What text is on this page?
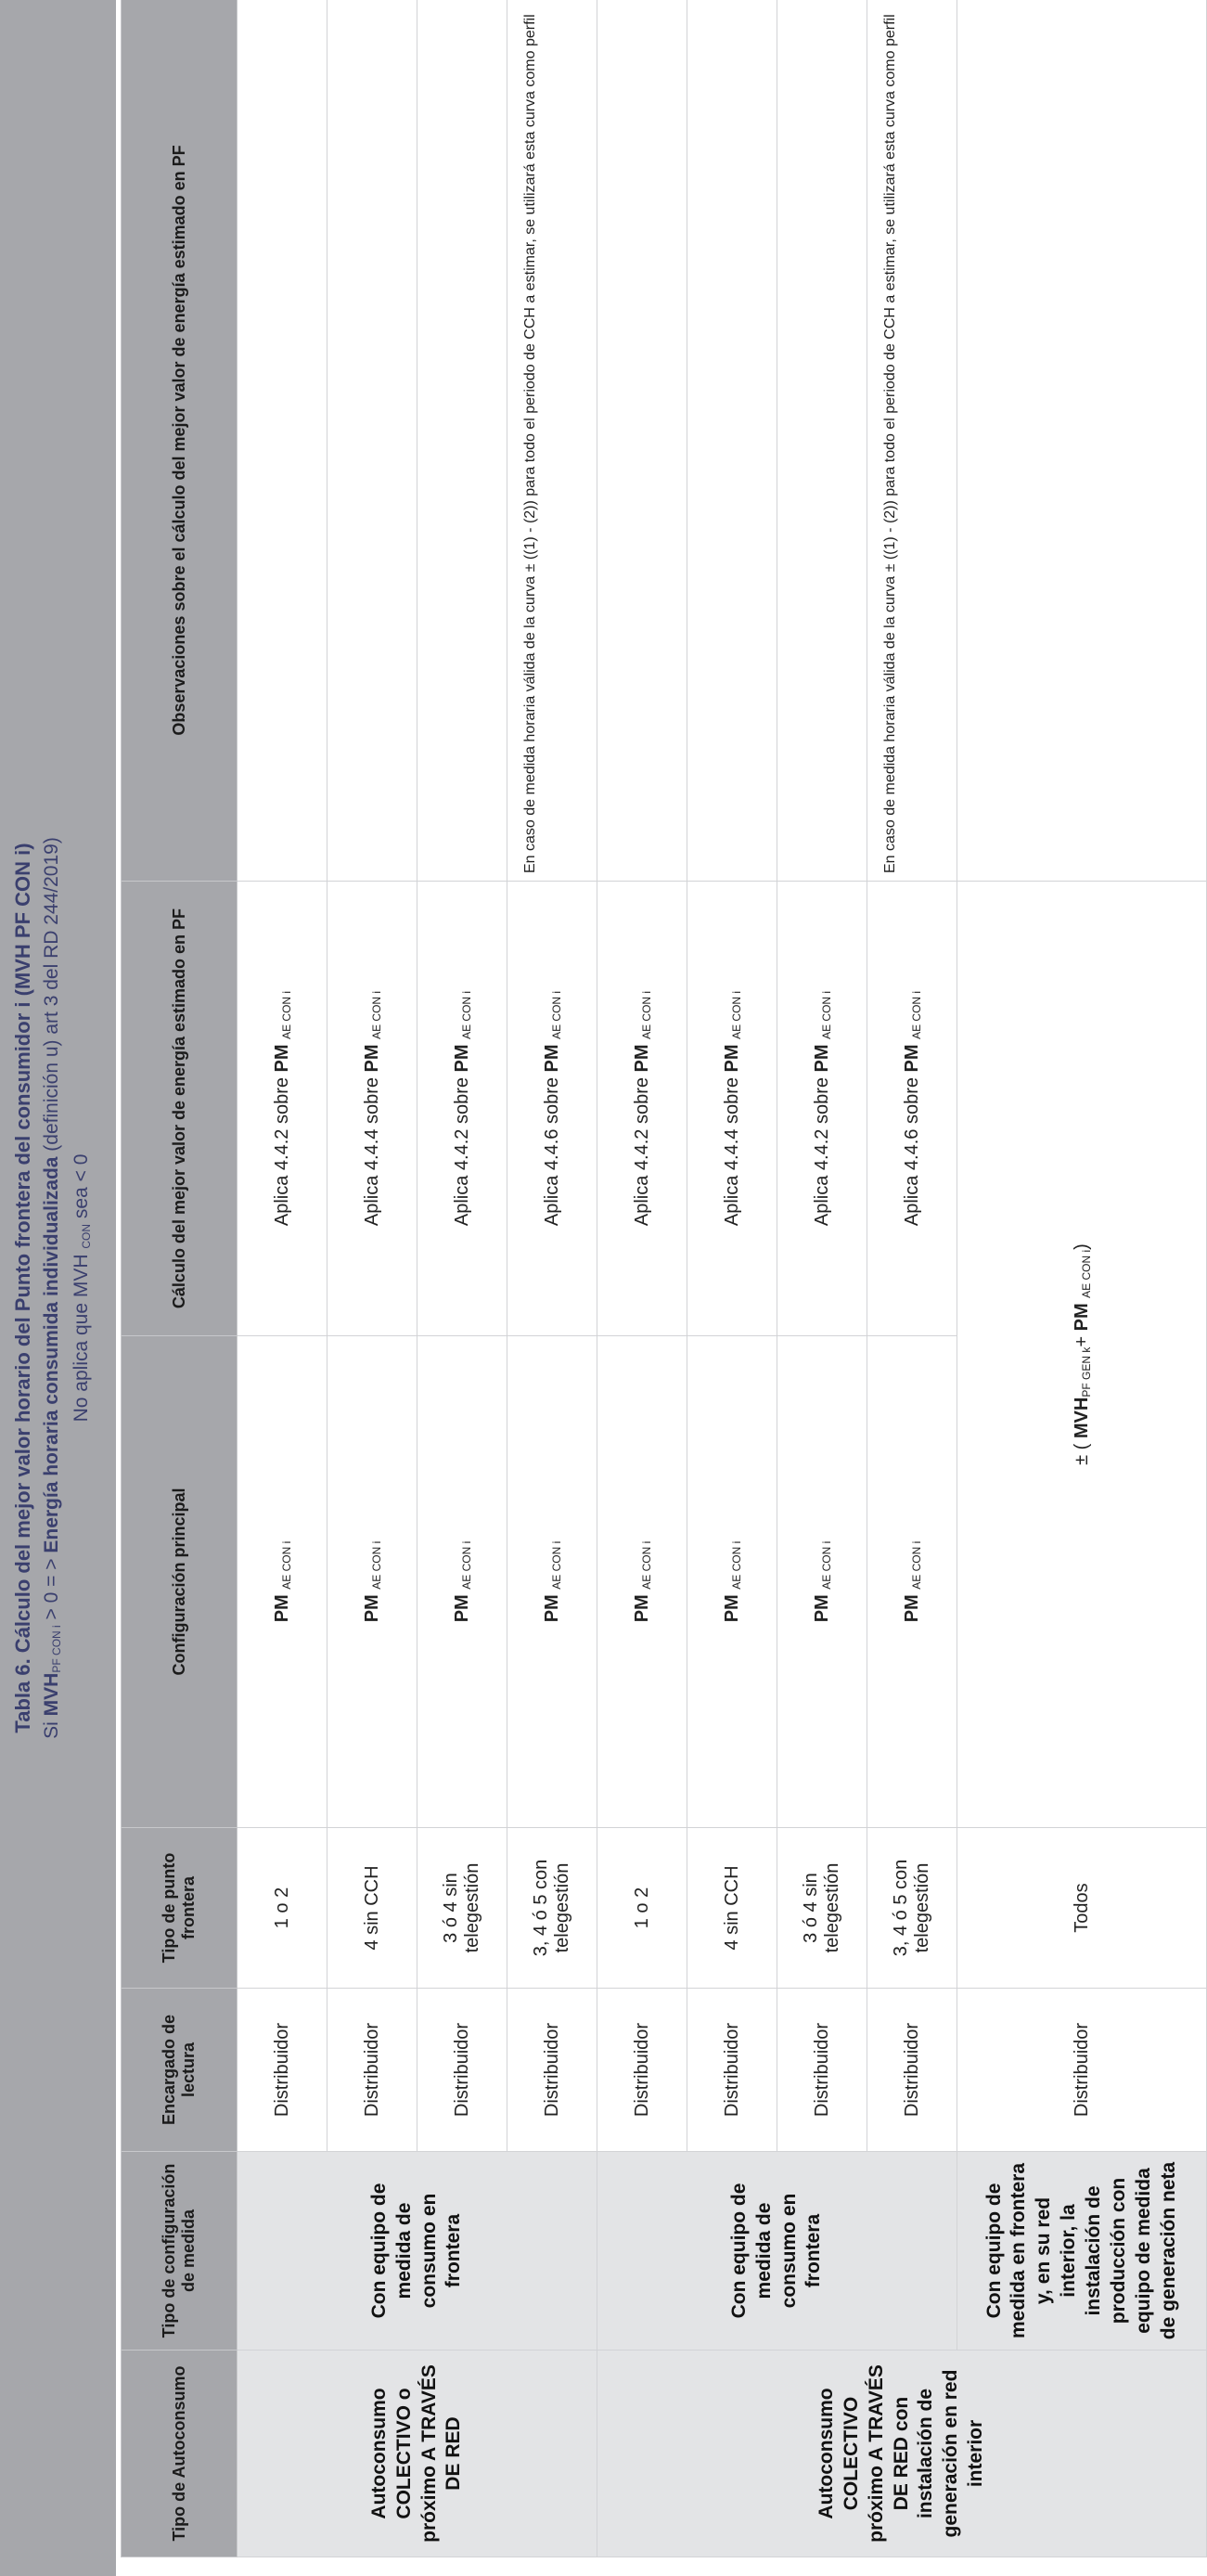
Tabla 6. Cálculo del mejor valor horario del Punto frontera del consumidor i (MVH PF CON i) Si $MVH_{PF CON i} > 0$ = > Energía horaria consumida individualizada (definición u) art 3 del RD 244/2019)
No aplica que MVH $_{CON}$ sea < 0
Tipo de Autoconsumo	Tipo de configuración de medida	Encargado de lectura	Tipo de punto frontera	Configuración principal	Cálculo del mejor valor de energía estimado en PF	Observaciones sobre el cálculo del mejor valor de energía estimado en PF
Autoconsumo COLECTIVO o próximo A TRAVÉS DE RED	Con equipo de medida de consumo en frontera	Distribuidor	1 o 2	PM $_{AE CON i}$	Aplica 4.4.2 sobre PM $_{AE CON i}$	
		Distribuidor	4 sin CCH	PM $_{AE CON i}$	Aplica 4.4.4 sobre PM $_{AE CON i}$	
		Distribuidor	3 ó 4 sin telegestión	PM $_{AE CON i}$	Aplica 4.4.2 sobre PM $_{AE CON i}$	
		Distribuidor	3, 4 ó 5 con telegestión	PM $_{AE CON i}$	Aplica 4.4.6 sobre PM $_{AE CON i}$	En caso de medida horaria válida de la curva ± ((1) - (2)) para todo el periodo de CCH a estimar, se utilizará esta curva como perfil
Autoconsumo COLECTIVO próximo A TRAVÉS DE RED con instalación de generación en red interior	Con equipo de medida de consumo en frontera	Distribuidor	1 o 2	PM $_{AE CON i}$	Aplica 4.4.2 sobre PM $_{AE CON i}$	
		Distribuidor	4 sin CCH	PM $_{AE CON i}$	Aplica 4.4.4 sobre PM $_{AE CON i}$	
		Distribuidor	3 ó 4 sin telegestión	PM $_{AE CON i}$	Aplica 4.4.2 sobre PM $_{AE CON i}$	
		Distribuidor	3, 4 ó 5 con telegestión	PM $_{AE CON i}$	Aplica 4.4.6 sobre PM $_{AE CON i}$	En caso de medida horaria válida de la curva ± ((1) - (2)) para todo el periodo de CCH a estimar, se utilizará esta curva como perfil
	Con equipo de medida en frontera y, en su red interior, la instalación de producción con equipo de medida de generación neta	Distribuidor	Todos	± ( $MVH_{PF GEN k}+$ PM $_{AE CON i}$)		
